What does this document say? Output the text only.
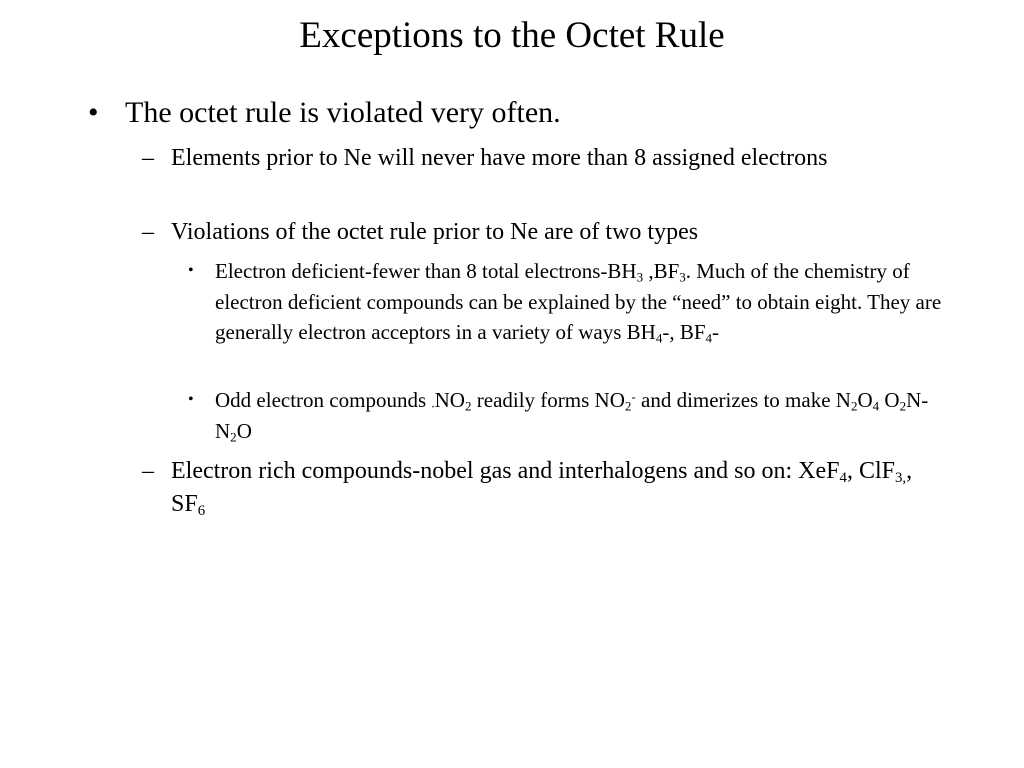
Exceptions to the Octet Rule
• The octet rule is violated very often.
– Elements prior to Ne will never have more than 8 assigned electrons
– Violations of the octet rule prior to Ne are of two types
• Electron deficient-fewer than 8 total electrons-$BH_3$ $,BF_3$. Much of the chemistry of electron deficient compounds can be explained by the “need” to obtain eight. They are generally electron acceptors in a variety of ways $BH_4-$, $BF_4-$
• Odd electron compounds $^.NO_2$ readily forms $NO_2^-$ and dimerizes to make $N_2O_4$ $O_2N-N_2O$
– Electron rich compounds-nobel gas and interhalogens and so on: XeF$_4$, ClF$_{3,}$, $SF_6$
